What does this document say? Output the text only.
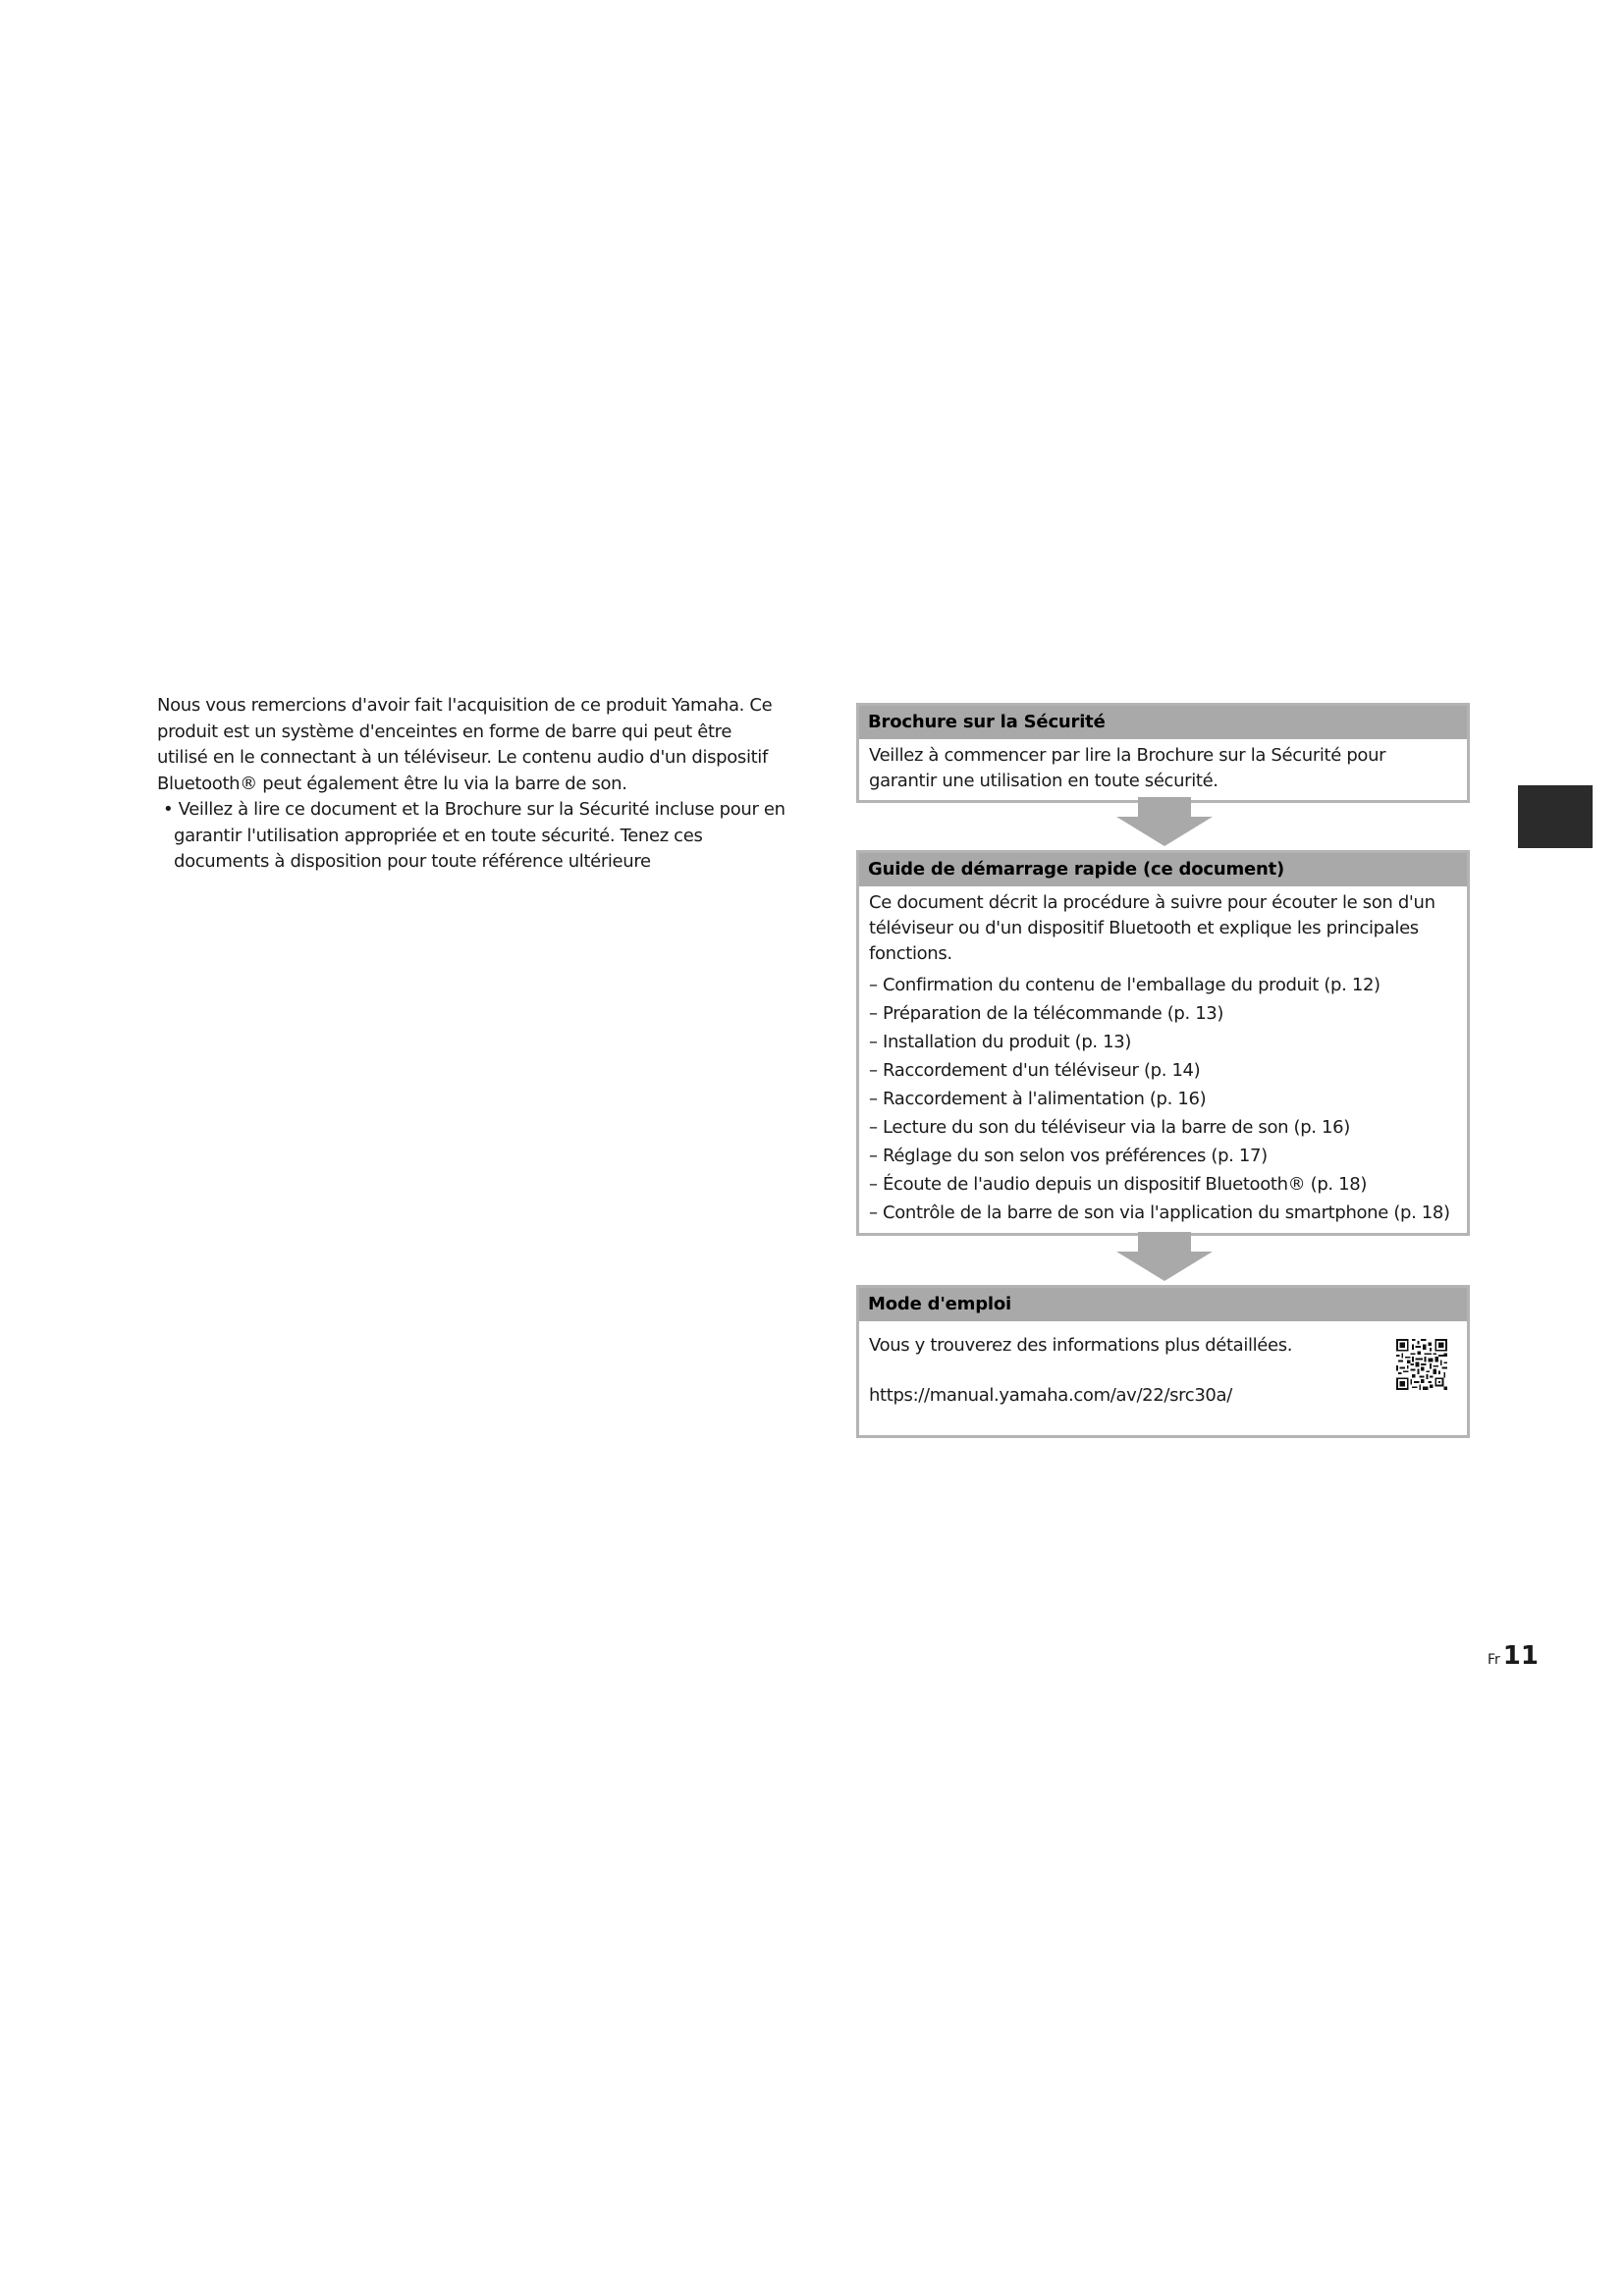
Nous vous remercions d'avoir fait l'acquisition de ce produit Yamaha. Ce produit est un système d'enceintes en forme de barre qui peut être utilisé en le connectant à un téléviseur. Le contenu audio d'un dispositif Bluetooth® peut également être lu via la barre de son.

• Veillez à lire ce document et la Brochure sur la Sécurité incluse pour en garantir l'utilisation appropriée et en toute sécurité. Tenez ces documents à disposition pour toute référence ultérieure

Brochure sur la Sécurité

Veillez à commencer par lire la Brochure sur la Sécurité pour garantir une utilisation en toute sécurité.

Guide de démarrage rapide (ce document)

Ce document décrit la procédure à suivre pour écouter le son d'un téléviseur ou d'un dispositif Bluetooth et explique les principales fonctions.

– Confirmation du contenu de l'emballage du produit (p. 12)
– Préparation de la télécommande (p. 13)
– Installation du produit (p. 13)
– Raccordement d'un téléviseur (p. 14)
– Raccordement à l'alimentation (p. 16)
– Lecture du son du téléviseur via la barre de son (p. 16)
– Réglage du son selon vos préférences (p. 17)
– Écoute de l'audio depuis un dispositif Bluetooth® (p. 18)
– Contrôle de la barre de son via l'application du smartphone (p. 18)
Mode d'emploi

Vous y trouverez des informations plus détaillées.

https://manual.yamaha.com/av/22/src30a/

Fr 11
